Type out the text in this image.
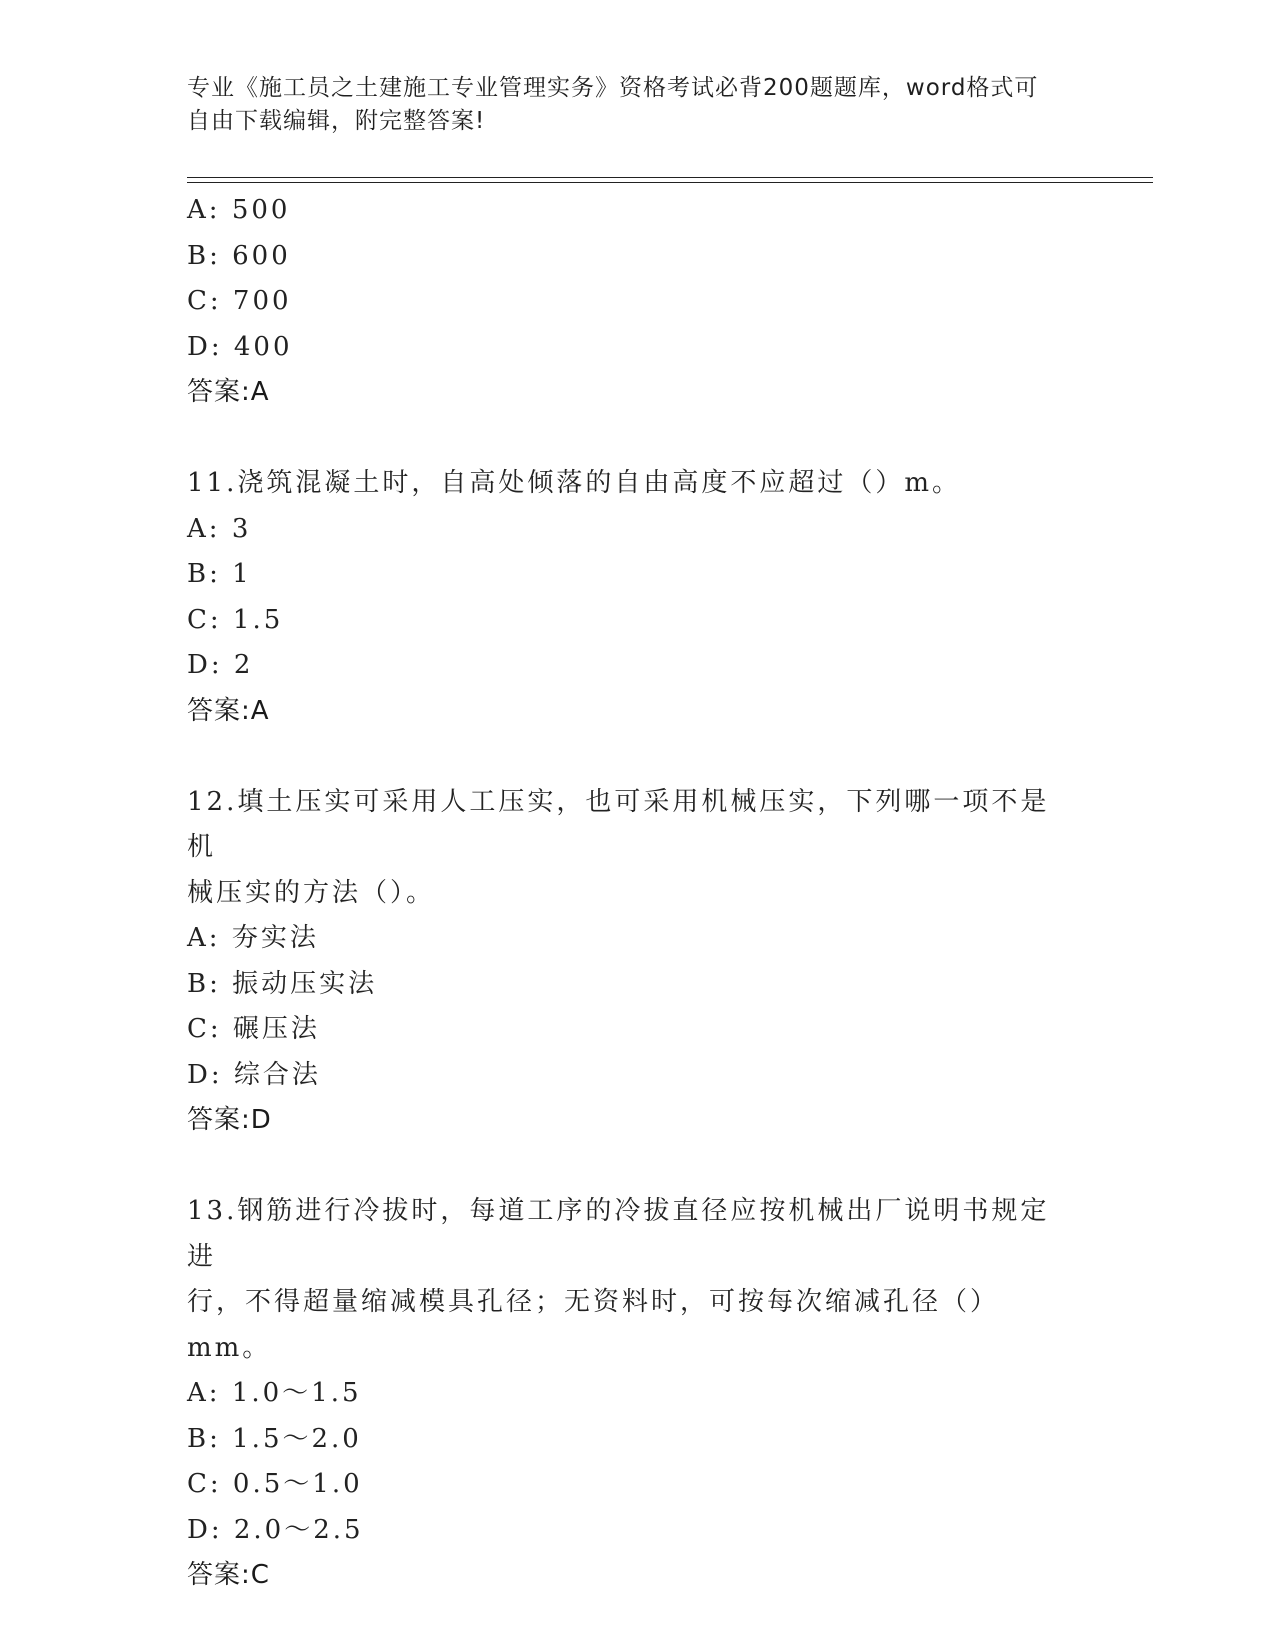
专业《施工员之土建施工专业管理实务》资格考试必背200题题库，word格式可
自由下载编辑，附完整答案!
A: 500
B: 600
C: 700
D: 400
答案:A
11.浇筑混凝土时，自高处倾落的自由高度不应超过（）m。
A: 3
B: 1
C: 1.5
D: 2
答案:A
12.填土压实可采用人工压实，也可采用机械压实，下列哪一项不是机
械压实的方法（）。
A: 夯实法
B: 振动压实法
C: 碾压法
D: 综合法
答案:D
13.钢筋进行冷拔时，每道工序的冷拔直径应按机械出厂说明书规定进
行，不得超量缩减模具孔径；无资料时，可按每次缩减孔径（）mm。
A: 1.0～1.5
B: 1.5～2.0
C: 0.5～1.0
D: 2.0～2.5
答案:C
